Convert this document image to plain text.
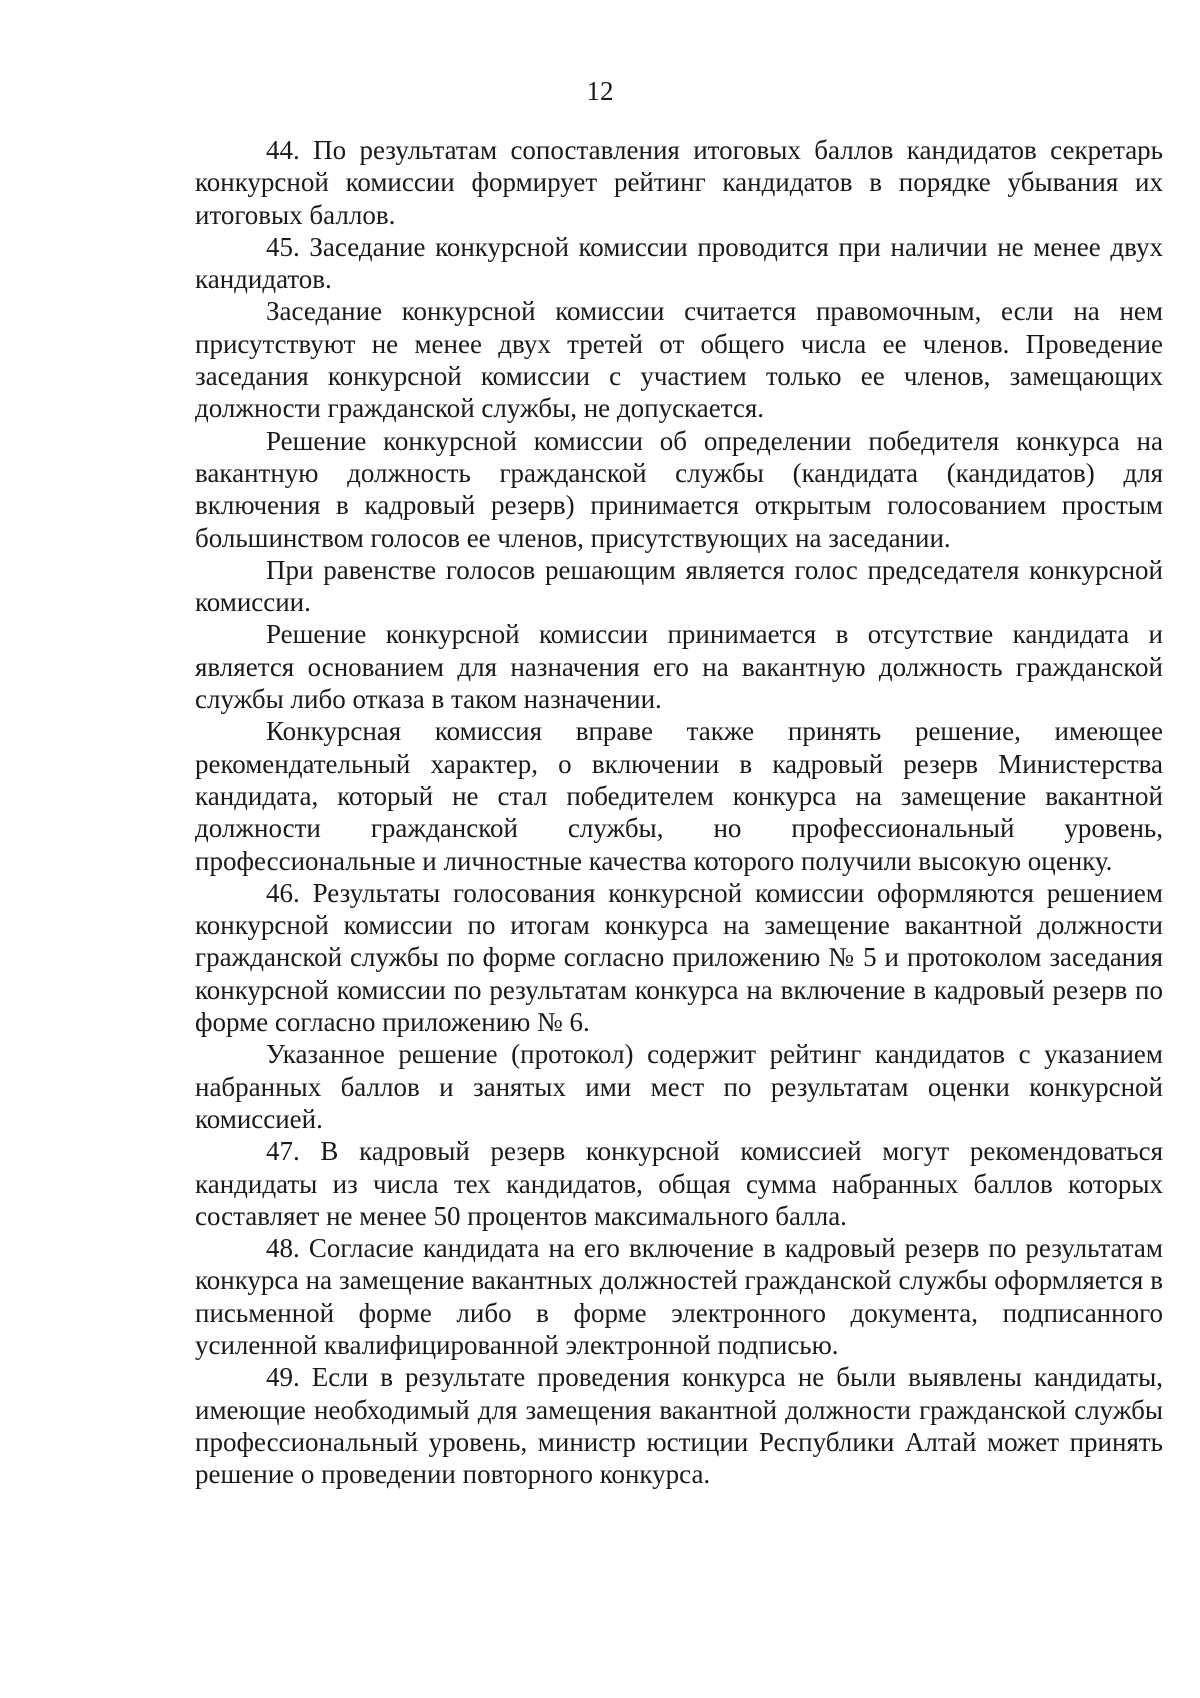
12

44. По результатам сопоставления итоговых баллов кандидатов секретарь конкурсной комиссии формирует рейтинг кандидатов в порядке убывания их итоговых баллов.

45. Заседание конкурсной комиссии проводится при наличии не менее двух кандидатов.

Заседание конкурсной комиссии считается правомочным, если на нем присутствуют не менее двух третей от общего числа ее членов. Проведение заседания конкурсной комиссии с участием только ее членов, замещающих должности гражданской службы, не допускается.

Решение конкурсной комиссии об определении победителя конкурса на вакантную должность гражданской службы (кандидата (кандидатов) для включения в кадровый резерв) принимается открытым голосованием простым большинством голосов ее членов, присутствующих на заседании.

При равенстве голосов решающим является голос председателя конкурсной комиссии.

Решение конкурсной комиссии принимается в отсутствие кандидата и является основанием для назначения его на вакантную должность гражданской службы либо отказа в таком назначении.

Конкурсная комиссия вправе также принять решение, имеющее рекомендательный характер, о включении в кадровый резерв Министерства кандидата, который не стал победителем конкурса на замещение вакантной должности гражданской службы, но профессиональный уровень, профессиональные и личностные качества которого получили высокую оценку.

46. Результаты голосования конкурсной комиссии оформляются решением конкурсной комиссии по итогам конкурса на замещение вакантной должности гражданской службы по форме согласно приложению № 5 и протоколом заседания конкурсной комиссии по результатам конкурса на включение в кадровый резерв по форме согласно приложению № 6.

Указанное решение (протокол) содержит рейтинг кандидатов с указанием набранных баллов и занятых ими мест по результатам оценки конкурсной комиссией.

47. В кадровый резерв конкурсной комиссией могут рекомендоваться кандидаты из числа тех кандидатов, общая сумма набранных баллов которых составляет не менее 50 процентов максимального балла.

48. Согласие кандидата на его включение в кадровый резерв по результатам конкурса на замещение вакантных должностей гражданской службы оформляется в письменной форме либо в форме электронного документа, подписанного усиленной квалифицированной электронной подписью.

49. Если в результате проведения конкурса не были выявлены кандидаты, имеющие необходимый для замещения вакантной должности гражданской службы профессиональный уровень, министр юстиции Республики Алтай может принять решение о проведении повторного конкурса.
